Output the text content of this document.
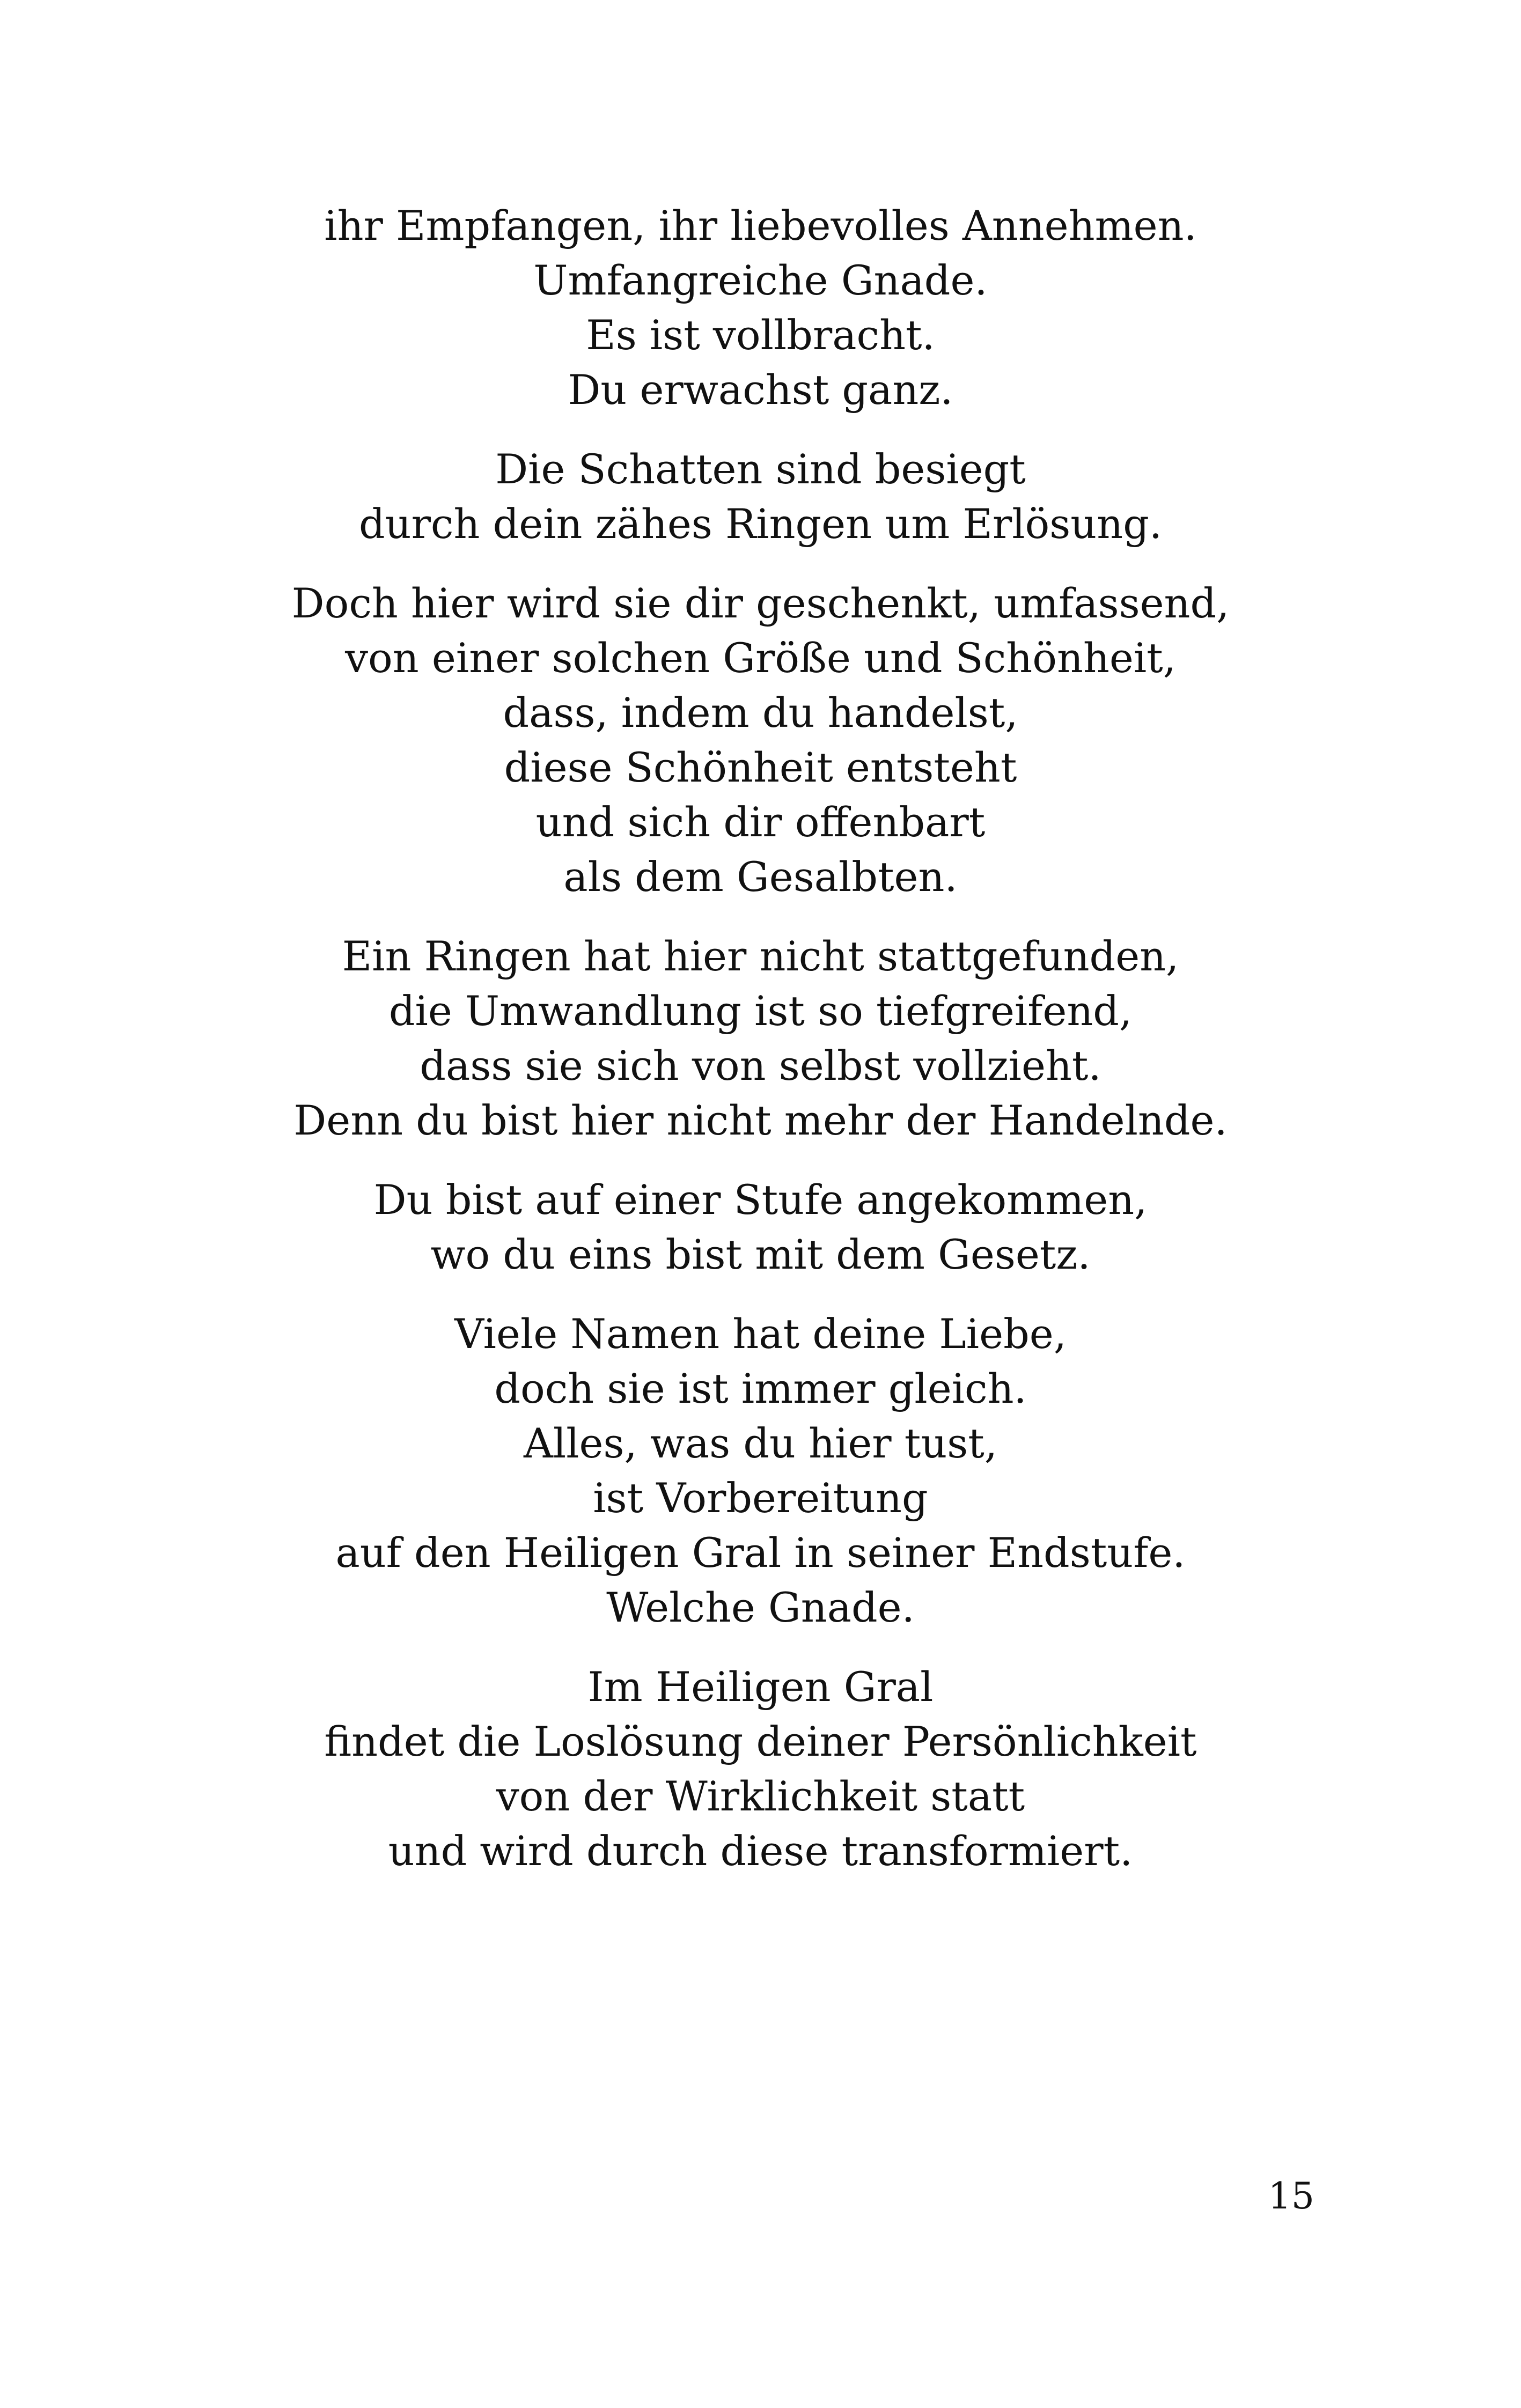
ihr Empfangen, ihr liebevolles Annehmen.
Umfangreiche Gnade.
Es ist vollbracht.
Du erwachst ganz.
Die Schatten sind besiegt
durch dein zähes Ringen um Erlösung.
Doch hier wird sie dir geschenkt, umfassend,
von einer solchen Größe und Schönheit,
dass, indem du handelst,
diese Schönheit entsteht
und sich dir offenbart
als dem Gesalbten.
Ein Ringen hat hier nicht stattgefunden,
die Umwandlung ist so tiefgreifend,
dass sie sich von selbst vollzieht.
Denn du bist hier nicht mehr der Handelnde.
Du bist auf einer Stufe angekommen,
wo du eins bist mit dem Gesetz.
Viele Namen hat deine Liebe,
doch sie ist immer gleich.
Alles, was du hier tust,
ist Vorbereitung
auf den Heiligen Gral in seiner Endstufe.
Welche Gnade.
Im Heiligen Gral
findet die Loslösung deiner Persönlichkeit
von der Wirklichkeit statt
und wird durch diese transformiert.
15
